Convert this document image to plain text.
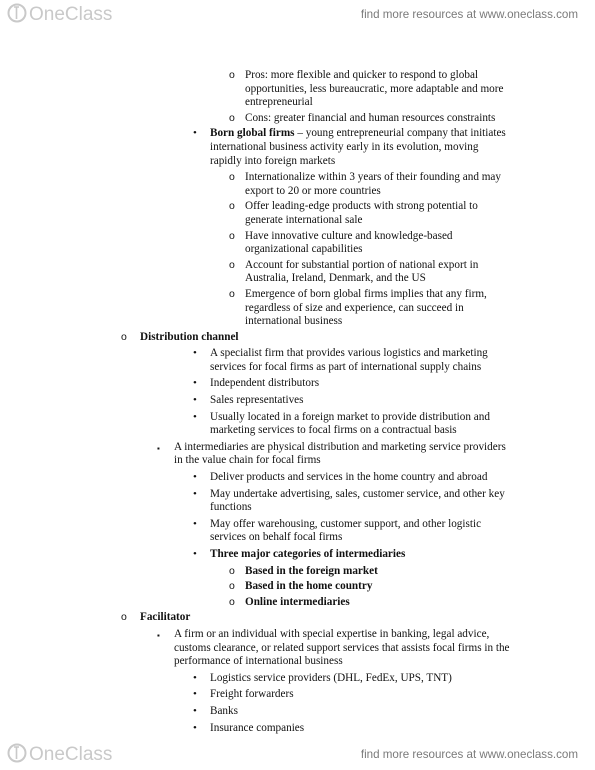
OneClass	find more resources at www.oneclass.com
o Pros: more flexible and quicker to respond to global
opportunities, less bureaucratic, more adaptable and more
entrepreneurial
o Cons: greater financial and human resources constraints
• Born global firms – young entrepreneurial company that initiates
international business activity early in its evolution, moving
rapidly into foreign markets
o Internationalize within 3 years of their founding and may
export to 20 or more countries
o Offer leading-edge products with strong potential to
generate international sale
o Have innovative culture and knowledge-based
organizational capabilities
o Account for substantial portion of national export in
Australia, Ireland, Denmark, and the US
o Emergence of born global firms implies that any firm,
regardless of size and experience, can succeed in
international business
o Distribution channel
• A specialist firm that provides various logistics and marketing
services for focal firms as part of international supply chains
• Independent distributors
• Sales representatives
• Usually located in a foreign market to provide distribution and
marketing services to focal firms on a contractual basis
▪ A intermediaries are physical distribution and marketing service providers
in the value chain for focal firms
• Deliver products and services in the home country and abroad
• May undertake advertising, sales, customer service, and other key
functions
• May offer warehousing, customer support, and other logistic
services on behalf focal firms
• Three major categories of intermediaries
o Based in the foreign market
o Based in the home country
o Online intermediaries
o Facilitator
▪ A firm or an individual with special expertise in banking, legal advice,
customs clearance, or related support services that assists focal firms in the
performance of international business
• Logistics service providers (DHL, FedEx, UPS, TNT)
• Freight forwarders
• Banks
• Insurance companies
OneClass	find more resources at www.oneclass.com
